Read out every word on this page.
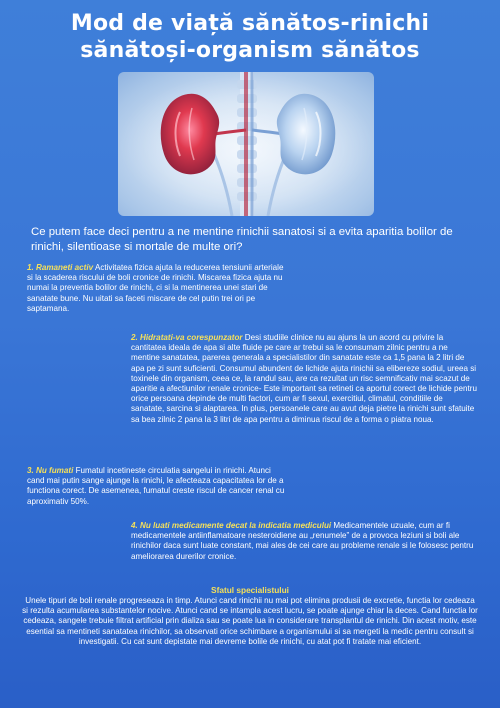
Mod de viață sănătos-rinichi
sănătoși-organism sănătos
Ce putem face deci pentru a ne mentine rinichii sanatosi si a evita aparitia bolilor de rinichi, silentioase si mortale de multe ori?
1. Ramaneti activ Activitatea fizica ajuta la reducerea tensiunii arteriale si la scaderea riscului de boli cronice de rinichi. Miscarea fizica ajuta nu numai la preventia bolilor de rinichi, ci si la mentinerea unei stari de sanatate bune. Nu uitati sa faceti miscare de cel putin trei ori pe saptamana.
2. Hidratati-va corespunzator Desi studiile clinice nu au ajuns la un acord cu privire la cantitatea ideala de apa si alte fluide pe care ar trebui sa le consumam zilnic pentru a ne mentine sanatatea, parerea generala a specialistilor din sanatate este ca 1,5 pana la 2 litri de apa pe zi sunt suficienti. Consumul abundent de lichide ajuta rinichii sa elibereze sodiul, ureea si toxinele din organism, ceea ce, la randul sau, are ca rezultat un risc semnificativ mai scazut de aparitie a afectiunilor renale cronice- Este important sa retineti ca aportul corect de lichide pentru orice persoana depinde de multi factori, cum ar fi sexul, exercitiul, climatul, conditiile de sanatate, sarcina si alaptarea. In plus, persoanele care au avut deja pietre la rinichi sunt sfatuite sa bea zilnic 2 pana la 3 litri de apa pentru a diminua riscul de a forma o piatra noua.
3. Nu fumati Fumatul incetineste circulatia sangelui in rinichi. Atunci cand mai putin sange ajunge la rinichi, le afecteaza capacitatea lor de a functiona corect. De asemenea, fumatul creste riscul de cancer renal cu aproximativ 50%.
4. Nu luati medicamente decat la indicatia medicului Medicamentele uzuale, cum ar fi medicamentele antiinflamatoare nesteroidiene au „renumele” de a provoca leziuni si boli ale rinichilor daca sunt luate constant, mai ales de cei care au probleme renale si le folosesc pentru ameliorarea durerilor cronice.
Sfatul specialistului
Unele tipuri de boli renale progreseaza in timp. Atunci cand rinichii nu mai pot elimina produsii de excretie, functia lor cedeaza si rezulta acumularea substantelor nocive. Atunci cand se intampla acest lucru, se poate ajunge chiar la deces. Cand functia lor cedeaza, sangele trebuie filtrat artificial prin dializa sau se poate lua in considerare transplantul de rinichi. Din acest motiv, este esential sa mentineti sanatatea rinichilor, sa observati orice schimbare a organismului si sa mergeti la medic pentru consult si investigatii. Cu cat sunt depistate mai devreme bolile de rinichi, cu atat pot fi tratate mai eficient.
